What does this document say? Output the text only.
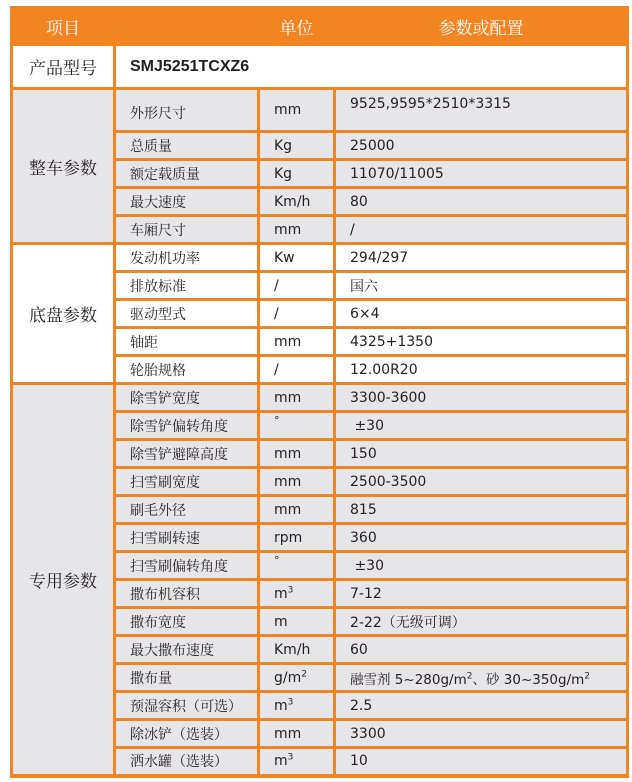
项目		单位	参数或配置
产品型号	SMJ5251TCXZ6		
整车参数	外形尺寸	mm	9525,9595*2510*3315
	总质量	Kg	25000
	额定载质量	Kg	11070/11005
	最大速度	Km/h	80
	车厢尺寸	mm	/
底盘参数	发动机功率	Kw	294/297
	排放标准	/	国六
	驱动型式	/	6×4
	轴距	mm	4325+1350
	轮胎规格	/	12.00R20
专用参数	除雪铲宽度	mm	3300-3600
	除雪铲偏转角度	°	±30
	除雪铲避障高度	mm	150
	扫雪刷宽度	mm	2500-3500
	刷毛外径	mm	815
	扫雪刷转速	rpm	360
	扫雪刷偏转角度	°	±30
	撒布机容积	$m^3$	7-12
	撒布宽度	m	2-22（无级可调）
	最大撒布速度	Km/h	60
	撒布量	$g/m^2$	融雪剂 $5\sim 280g/m^2$、砂 $30\sim 350g/m^2$
	预湿容积（可选）	$m^3$	2.5
	除冰铲（选装）	mm	3300
	洒水罐（选装）	$m^3$	10
